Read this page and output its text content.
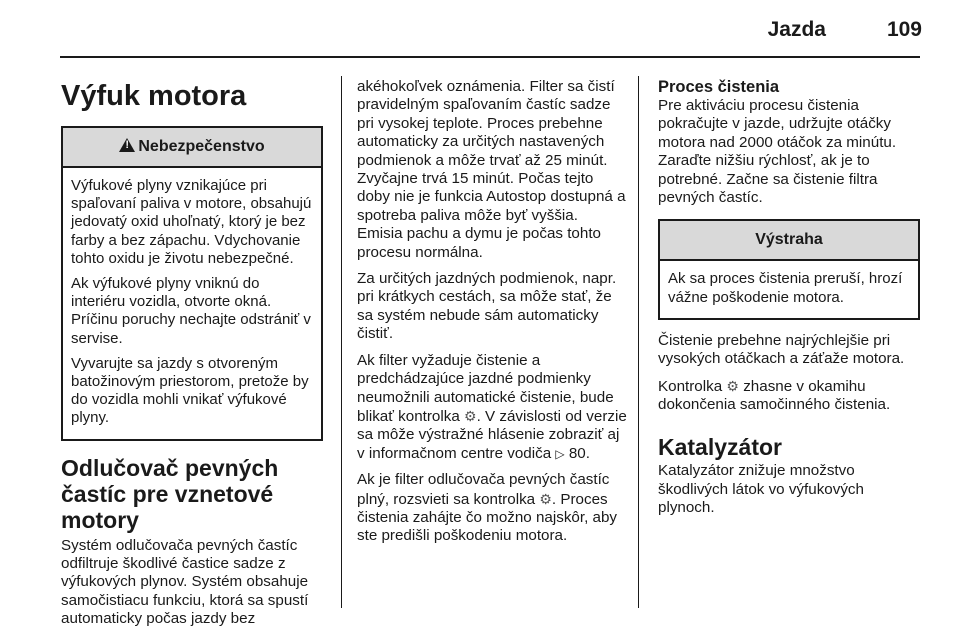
Jazda	109
Výfuk motora
!Nebezpečenstvo

Výfukové plyny vznikajúce pri spaľovaní paliva v motore, obsahujú jedovatý oxid uhoľnatý, ktorý je bez farby a bez zápachu. Vdychovanie tohto oxidu je životu nebezpečné.

Ak výfukové plyny vniknú do interiéru vozidla, otvorte okná. Príčinu poruchy nechajte odstrániť v servise.

Vyvarujte sa jazdy s otvoreným batožinovým priestorom, pretože by do vozidla mohli vnikať výfukové plyny.

Odlučovač pevných častíc pre vznetové motory

Systém odlučovača pevných častíc odfiltruje škodlivé častice sadze z výfukových plynov. Systém obsahuje samočistiacu funkciu, ktorá sa spustí automaticky počas jazdy bez

akéhokoľvek oznámenia. Filter sa čistí pravidelným spaľovaním častíc sadze pri vysokej teplote. Proces prebehne automaticky za určitých nastavených podmienok a môže trvať až 25 minút. Zvyčajne trvá 15 minút. Počas tejto doby nie je funkcia Autostop dostupná a spotreba paliva môže byť vyššia. Emisia pachu a dymu je počas tohto procesu normálna.

Za určitých jazdných podmienok, napr. pri krátkych cestách, sa môže stať, že sa systém nebude sám automaticky čistiť.

Ak filter vyžaduje čistenie a predchádzajúce jazdné podmienky neumožnili automatické čistenie, bude blikať kontrolka ⚙. V závislosti od verzie sa môže výstražné hlásenie zobraziť aj v informačnom centre vodiča ▷ 80.

Ak je filter odlučovača pevných častíc plný, rozsvieti sa kontrolka ⚙. Proces čistenia zahájte čo možno najskôr, aby ste predišli poškodeniu motora.

Proces čistenia

Pre aktiváciu procesu čistenia pokračujte v jazde, udržujte otáčky motora nad 2000 otáčok za minútu. Zaraďte nižšiu rýchlosť, ak je to potrebné. Začne sa čistenie filtra pevných častíc.

Výstraha

Ak sa proces čistenia preruší, hrozí vážne poškodenie motora.

Čistenie prebehne najrýchlejšie pri vysokých otáčkach a záťaže motora.

Kontrolka ⚙ zhasne v okamihu dokončenia samočinného čistenia.

Katalyzátor

Katalyzátor znižuje množstvo škodlivých látok vo výfukových plynoch.
